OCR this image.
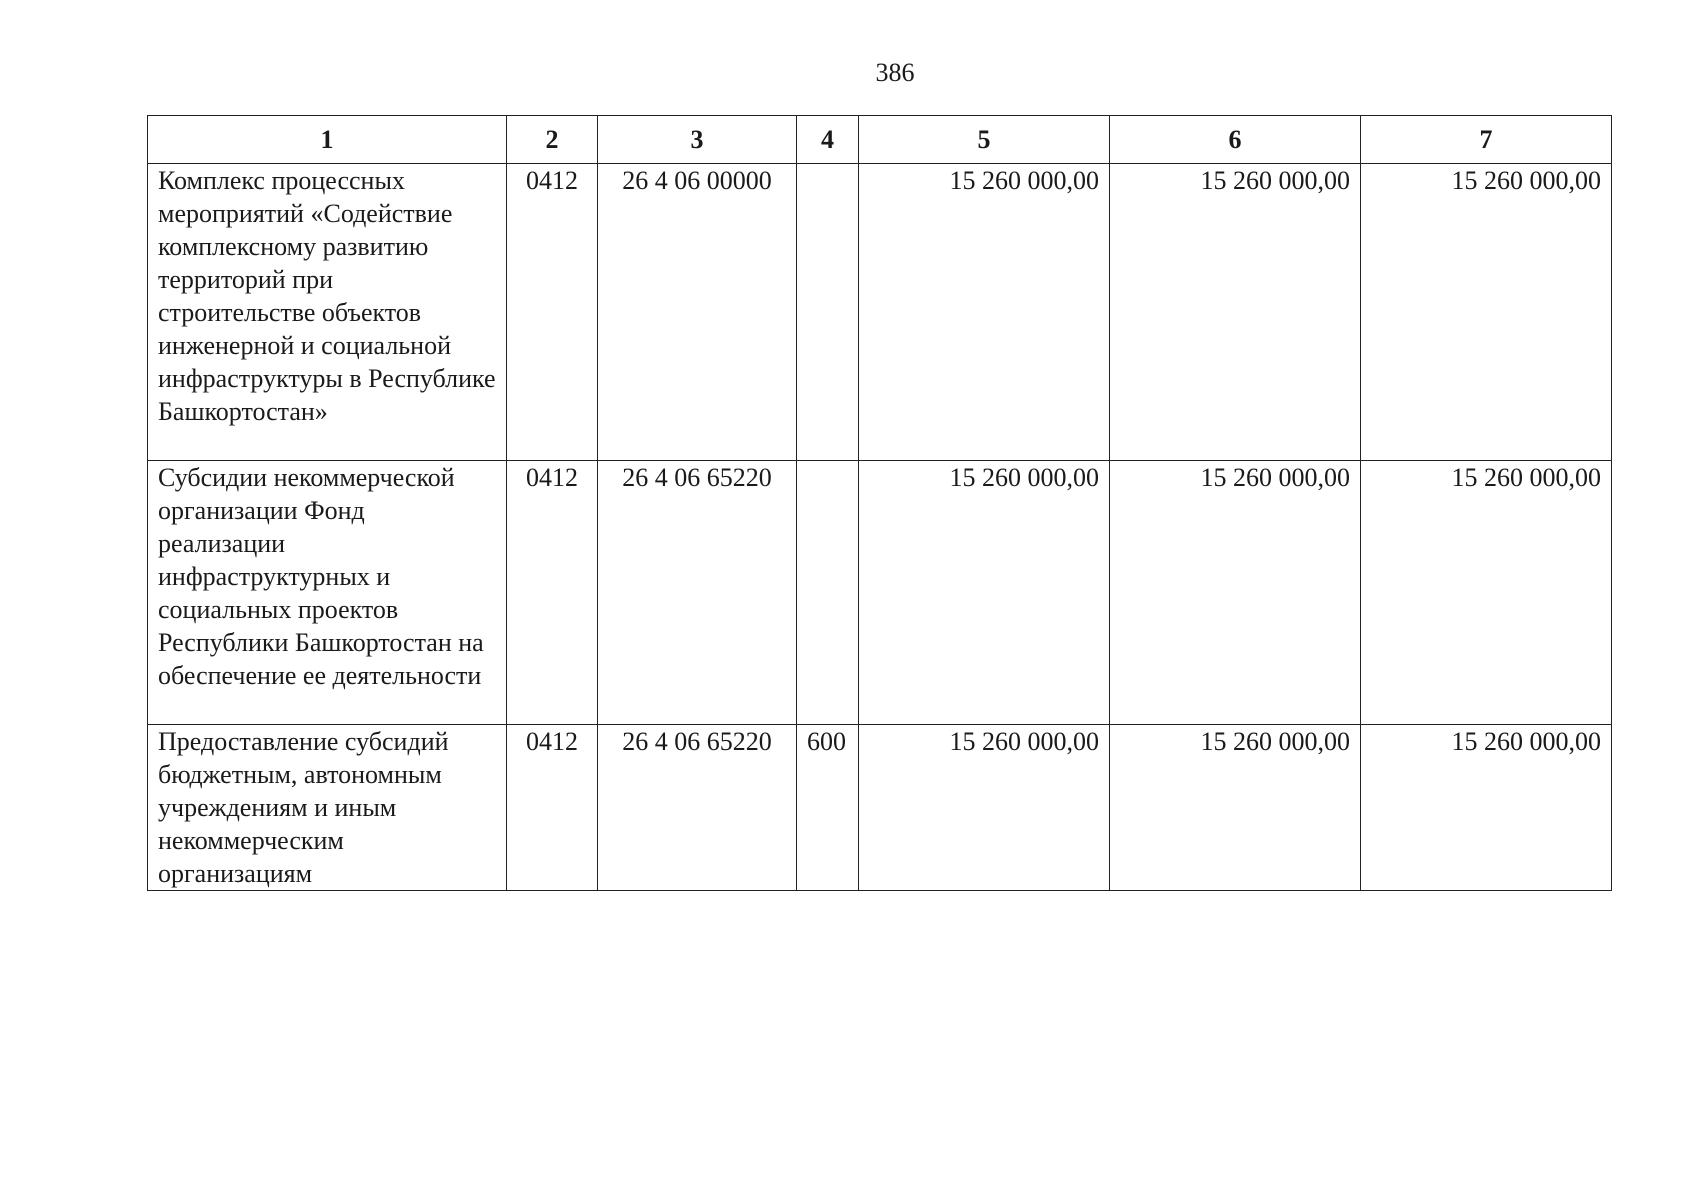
386
1	2	3	4	5	6	7
Комплекс процессных мероприятий «Содействие комплексному развитию территорий при строительстве объектов инженерной и социальной инфраструктуры в Республике Башкортостан»	0412	26 4 06 00000		15 260 000,00	15 260 000,00	15 260 000,00
Субсидии некоммерческой организации Фонд реализации инфраструктурных и социальных проектов Республики Башкортостан на обеспечение ее деятельности	0412	26 4 06 65220		15 260 000,00	15 260 000,00	15 260 000,00
Предоставление субсидий бюджетным, автономным учреждениям и иным некоммерческим организациям	0412	26 4 06 65220	600	15 260 000,00	15 260 000,00	15 260 000,00
